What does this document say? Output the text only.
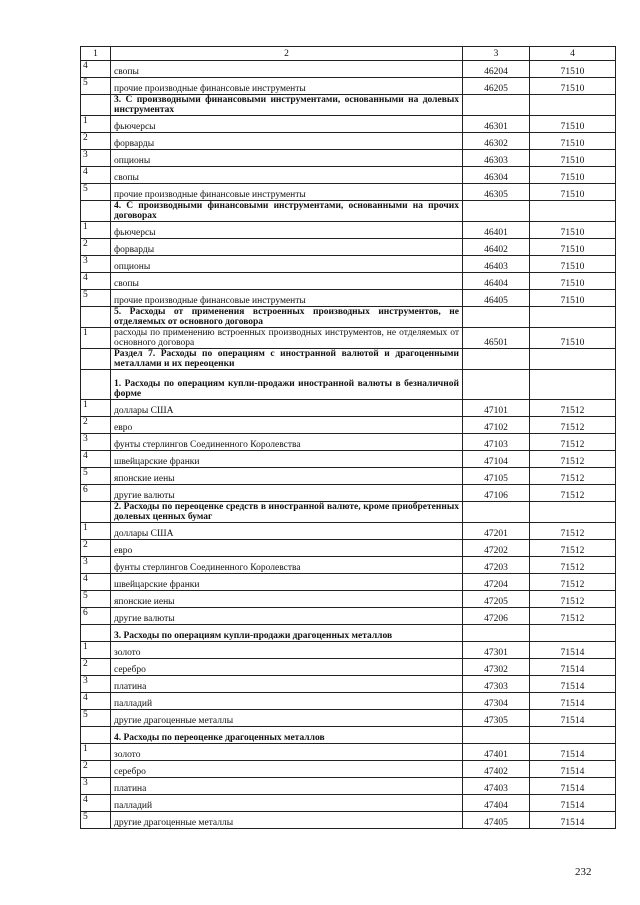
1	2	3	4
4	свопы	46204	71510
5	прочие производные финансовые инструменты	46205	71510
	3. С производными финансовыми инструментами, основанными на долевых инструментах		
1	фьючерсы	46301	71510
2	форварды	46302	71510
3	опционы	46303	71510
4	свопы	46304	71510
5	прочие производные финансовые инструменты	46305	71510
	4. С производными финансовыми инструментами, основанными на прочих договорах		
1	фьючерсы	46401	71510
2	форварды	46402	71510
3	опционы	46403	71510
4	свопы	46404	71510
5	прочие производные финансовые инструменты	46405	71510
	5. Расходы от применения встроенных производных инструментов, не отделяемых от основного договора		
1	расходы по применению встроенных производных инструментов, не отделяемых от основного договора	46501	71510
	Раздел 7. Расходы по операциям с иностранной валютой и драгоценными металлами и их переоценки		
	1. Расходы по операциям купли-продажи иностранной валюты в безналичной форме		
1	доллары США	47101	71512
2	евро	47102	71512
3	фунты стерлингов Соединенного Королевства	47103	71512
4	швейцарские франки	47104	71512
5	японские иены	47105	71512
6	другие валюты	47106	71512
	2. Расходы по переоценке средств в иностранной валюте, кроме приобретенных долевых ценных бумаг		
1	доллары США	47201	71512
2	евро	47202	71512
3	фунты стерлингов Соединенного Королевства	47203	71512
4	швейцарские франки	47204	71512
5	японские иены	47205	71512
6	другие валюты	47206	71512
	3. Расходы по операциям купли-продажи драгоценных металлов		
1	золото	47301	71514
2	серебро	47302	71514
3	платина	47303	71514
4	палладий	47304	71514
5	другие драгоценные металлы	47305	71514
	4. Расходы по переоценке драгоценных металлов		
1	золото	47401	71514
2	серебро	47402	71514
3	платина	47403	71514
4	палладий	47404	71514
5	другие драгоценные металлы	47405	71514
232
